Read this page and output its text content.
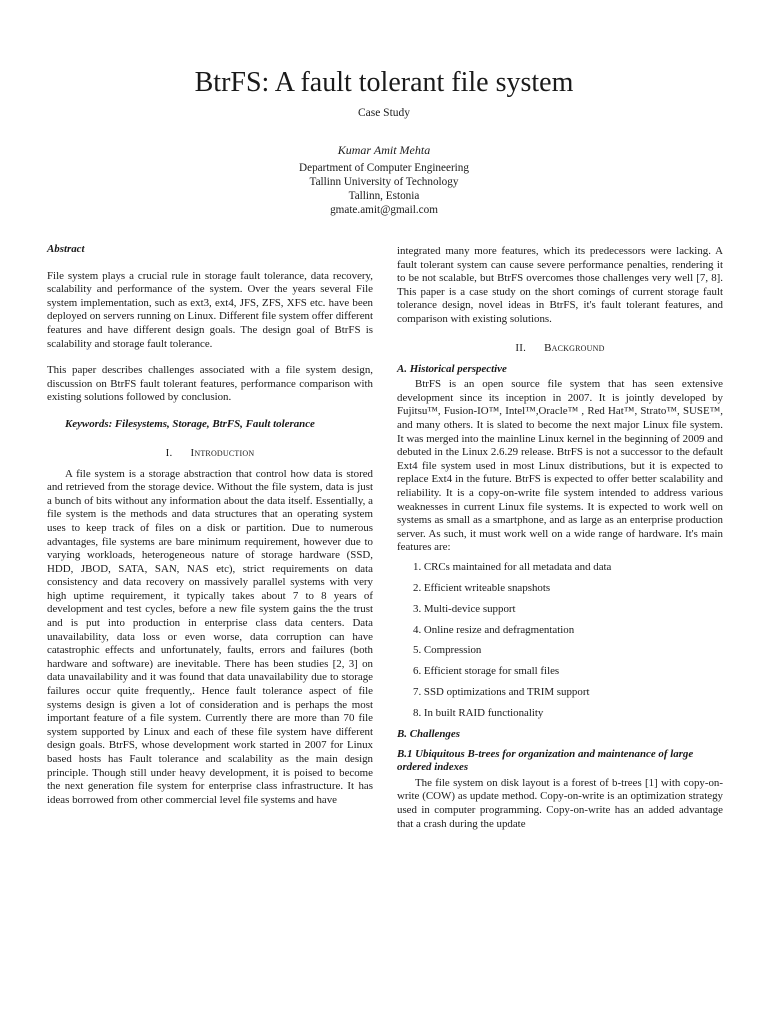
BtrFS: A fault tolerant file system
Case Study
Kumar Amit Mehta
Department of Computer Engineering
Tallinn University of Technology
Tallinn, Estonia
gmate.amit@gmail.com

Abstract

File system plays a crucial rule in storage fault tolerance, data recovery, scalability and performance of the system. Over the years several File system implementation, such as ext3, ext4, JFS, ZFS, XFS etc. have been deployed on servers running on Linux. Different file system offer different features and have different design goals. The design goal of BtrFS is scalability and storage fault tolerance.

This paper describes challenges associated with a file system design, discussion on BtrFS fault tolerant features, performance comparison with existing solutions followed by conclusion.

Keywords: Filesystems, Storage, BtrFS, Fault tolerance

I. Introduction

A file system is a storage abstraction that control how data is stored and retrieved from the storage device. Without the file system, data is just a bunch of bits without any information about the data itself. Essentially, a file system is the methods and data structures that an operating system uses to keep track of files on a disk or partition. Due to numerous advantages, file systems are bare minimum requirement, however due to varying workloads, heterogeneous nature of storage hardware (SSD, HDD, JBOD, SATA, SAN, NAS etc), strict requirements on data consistency and data recovery on massively parallel systems with very high uptime requirement, it typically takes about 7 to 8 years of development and test cycles, before a new file system gains the the trust and is put into production in enterprise class data centers. Data unavailability, data loss or even worse, data corruption can have catastrophic effects and unfortunately, faults, errors and failures (both hardware and software) are inevitable. There has been studies [2, 3] on data unavailability and it was found that data unavailability due to storage failures occur quite frequently,. Hence fault tolerance aspect of file systems design is given a lot of consideration and is perhaps the most important feature of a file system. Currently there are more than 70 file system supported by Linux and each of these file system have different design goals. BtrFS, whose development work started in 2007 for Linux based hosts has Fault tolerance and scalability as the main design principle. Though still under heavy development, it is poised to become the next generation file system for enterprise class infrastructure. It has ideas borrowed from other commercial level file systems and have

integrated many more features, which its predecessors were lacking. A fault tolerant system can cause severe performance penalties, rendering it to be not scalable, but BtrFS overcomes those challenges very well [7, 8]. This paper is a case study on the short comings of current storage fault tolerance design, novel ideas in BtrFS, it's fault tolerant features, and comparison with existing solutions.

II. Background

A. Historical perspective

BtrFS is an open source file system that has seen extensive development since its inception in 2007. It is jointly developed by Fujitsu™, Fusion-IO™, Intel™,Oracle™ , Red Hat™, Strato™, SUSE™, and many others. It is slated to become the next major Linux file system. It was merged into the mainline Linux kernel in the beginning of 2009 and debuted in the Linux 2.6.29 release. BtrFS is not a successor to the default Ext4 file system used in most Linux distributions, but it is expected to replace Ext4 in the future. BtrFS is expected to offer better scalability and reliability. It is a copy-on-write file system intended to address various weaknesses in current Linux file systems. It is expected to work well on systems as small as a smartphone, and as large as an enterprise production server. As such, it must work well on a wide range of hardware. It's main features are:

1. CRCs maintained for all metadata and data
2. Efficient writeable snapshots
3. Multi-device support
4. Online resize and defragmentation
5. Compression
6. Efficient storage for small files
7. SSD optimizations and TRIM support
8. In built RAID functionality

B. Challenges

B.1 Ubiquitous B-trees for organization and maintenance of large ordered indexes

The file system on disk layout is a forest of b-trees [1] with copy-on-write (COW) as update method. Copy-on-write is an optimization strategy used in computer programming. Copy-on-write has an added advantage that a crash during the update
